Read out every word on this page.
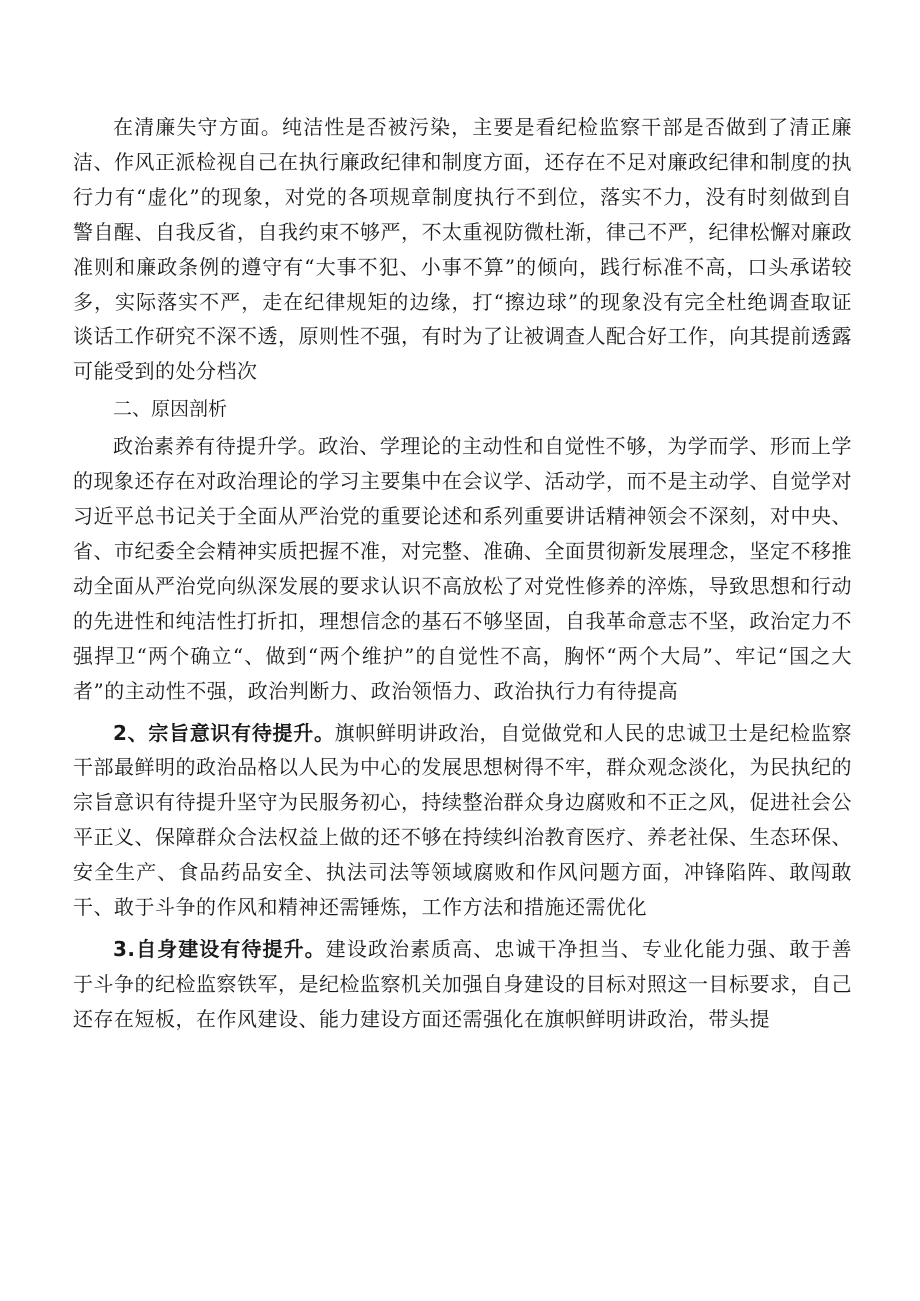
在清廉失守方面。纯洁性是否被污染，主要是看纪检监察干部是否做到了清正廉洁、作风正派检视自己在执行廉政纪律和制度方面，还存在不足对廉政纪律和制度的执行力有“虚化”的现象，对党的各项规章制度执行不到位，落实不力，没有时刻做到自警自醒、自我反省，自我约束不够严，不太重视防微杜渐，律己不严，纪律松懈对廉政准则和廉政条例的遵守有“大事不犯、小事不算”的倾向，践行标准不高，口头承诺较多，实际落实不严，走在纪律规矩的边缘，打“擦边球”的现象没有完全杜绝调查取证谈话工作研究不深不透，原则性不强，有时为了让被调查人配合好工作，向其提前透露可能受到的处分档次

二、原因剖析

政治素养有待提升学。政治、学理论的主动性和自觉性不够，为学而学、形而上学的现象还存在对政治理论的学习主要集中在会议学、活动学，而不是主动学、自觉学对习近平总书记关于全面从严治党的重要论述和系列重要讲话精神领会不深刻，对中央、省、市纪委全会精神实质把握不准，对完整、准确、全面贯彻新发展理念，坚定不移推动全面从严治党向纵深发展的要求认识不高放松了对党性修养的淬炼，导致思想和行动的先进性和纯洁性打折扣，理想信念的基石不够坚固，自我革命意志不坚，政治定力不强捍卫“两个确立“、做到“两个维护”的自觉性不高，胸怀“两个大局”、牢记“国之大者”的主动性不强，政治判断力、政治领悟力、政治执行力有待提高

2、宗旨意识有待提升。旗帜鲜明讲政治，自觉做党和人民的忠诚卫士是纪检监察干部最鲜明的政治品格以人民为中心的发展思想树得不牢，群众观念淡化，为民执纪的宗旨意识有待提升坚守为民服务初心，持续整治群众身边腐败和不正之风，促进社会公平正义、保障群众合法权益上做的还不够在持续纠治教育医疗、养老社保、生态环保、安全生产、食品药品安全、执法司法等领域腐败和作风问题方面，冲锋陷阵、敢闯敢干、敢于斗争的作风和精神还需锤炼，工作方法和措施还需优化

3.自身建设有待提升。建设政治素质高、忠诚干净担当、专业化能力强、敢于善于斗争的纪检监察铁军，是纪检监察机关加强自身建设的目标对照这一目标要求，自己还存在短板，在作风建设、能力建设方面还需强化在旗帜鲜明讲政治，带头提
